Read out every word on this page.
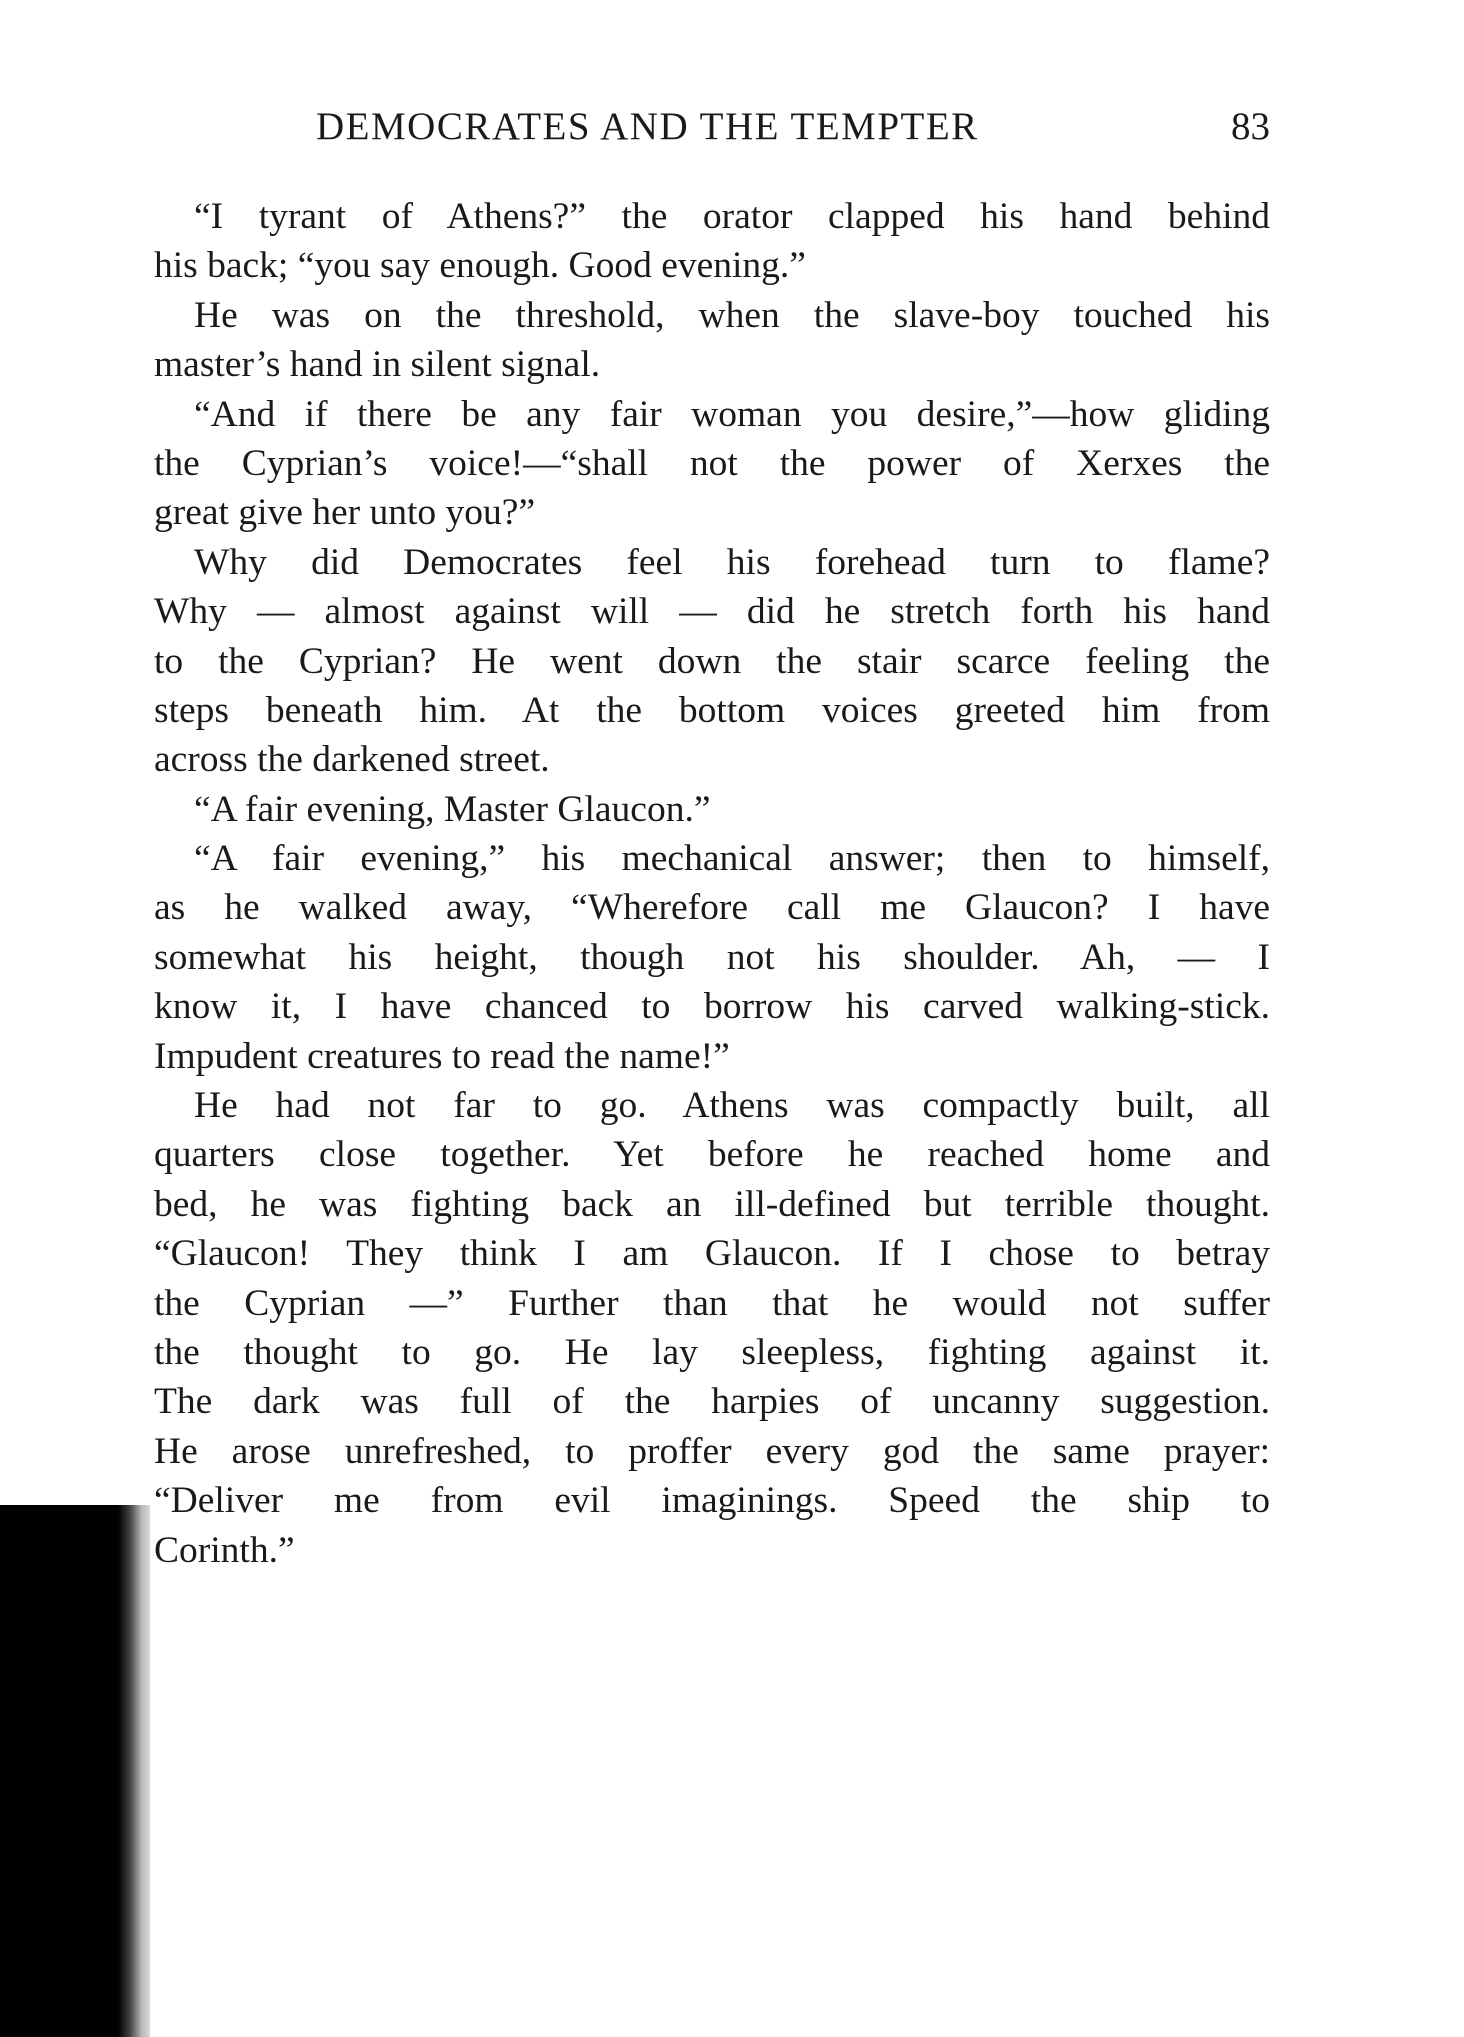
DEMOCRATES AND THE TEMPTER	83
“I tyrant of Athens?” the orator clapped his hand behind
his back; “you say enough. Good evening.”
He was on the threshold, when the slave-boy touched his
master’s hand in silent signal.
“And if there be any fair woman you desire,”—how gliding
the Cyprian’s voice!—“shall not the power of Xerxes the
great give her unto you?”
Why did Democrates feel his forehead turn to flame?
Why — almost against will — did he stretch forth his hand
to the Cyprian? He went down the stair scarce feeling the
steps beneath him. At the bottom voices greeted him from
across the darkened street.
“A fair evening, Master Glaucon.”
“A fair evening,” his mechanical answer; then to himself,
as he walked away, “Wherefore call me Glaucon? I have
somewhat his height, though not his shoulder. Ah, — I
know it, I have chanced to borrow his carved walking-stick.
Impudent creatures to read the name!”
He had not far to go. Athens was compactly built, all
quarters close together. Yet before he reached home and
bed, he was fighting back an ill-defined but terrible thought.
“Glaucon! They think I am Glaucon. If I chose to betray
the Cyprian —” Further than that he would not suffer
the thought to go. He lay sleepless, fighting against it.
The dark was full of the harpies of uncanny suggestion.
He arose unrefreshed, to proffer every god the same prayer:
“Deliver me from evil imaginings. Speed the ship to
Corinth.”
